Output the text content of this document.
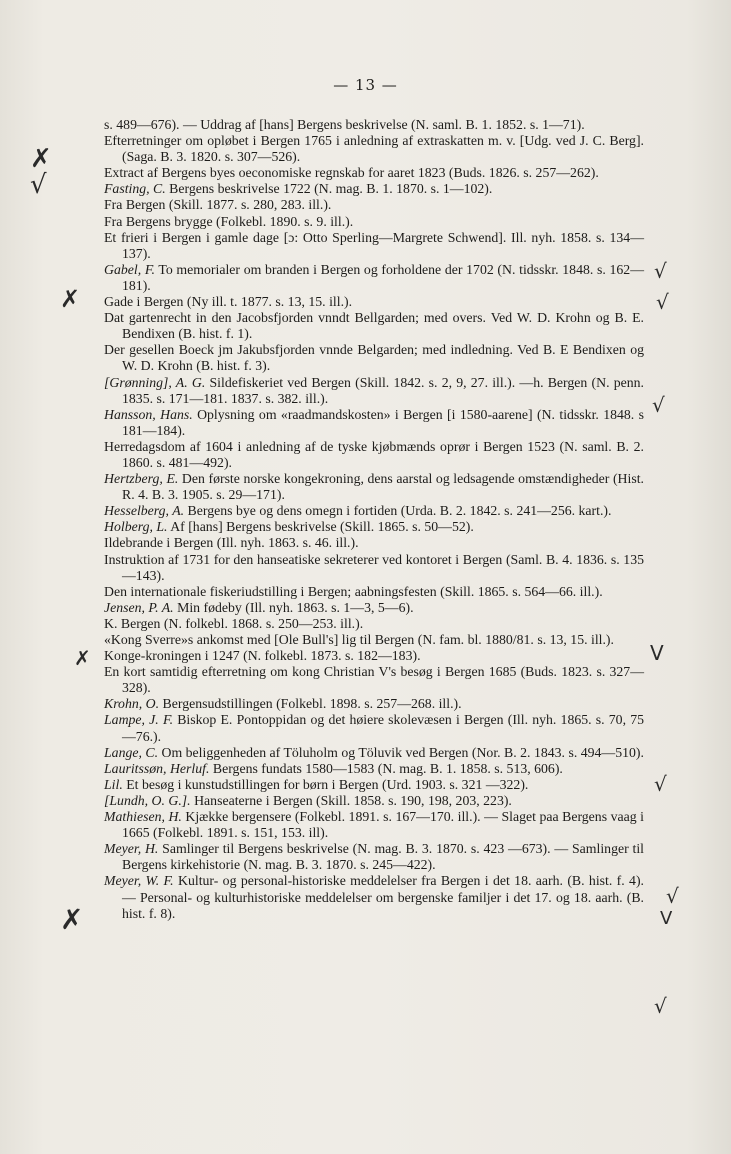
— 13 —

s. 489—676). — Uddrag af [hans] Bergens beskrivelse (N. saml. B. 1. 1852. s. 1—71).

Efterretninger om opløbet i Bergen 1765 i anledning af extraskatten m. v. [Udg. ved J. C. Berg]. (Saga. B. 3. 1820. s. 307—526).

Extract af Bergens byes oeconomiske regnskab for aaret 1823 (Buds. 1826. s. 257—262).

Fasting, C. Bergens beskrivelse 1722 (N. mag. B. 1. 1870. s. 1—102).

Fra Bergen (Skill. 1877. s. 280, 283. ill.).

Fra Bergens brygge (Folkebl. 1890. s. 9. ill.).

Et frieri i Bergen i gamle dage [ɔ: Otto Sperling—Margrete Schwend]. Ill. nyh. 1858. s. 134—137).

Gabel, F. To memorialer om branden i Bergen og forholdene der 1702 (N. tidsskr. 1848. s. 162—181).

Gade i Bergen (Ny ill. t. 1877. s. 13, 15. ill.).

Dat gartenrecht in den Jacobsfjorden vnndt Bellgarden; med overs. Ved W. D. Krohn og B. E. Bendixen (B. hist. f. 1).

Der gesellen Boeck jm Jakubsfjorden vnnde Belgarden; med indledning. Ved B. E Bendixen og W. D. Krohn (B. hist. f. 3).

[Grønning], A. G. Sildefiskeriet ved Bergen (Skill. 1842. s. 2, 9, 27. ill.). —h. Bergen (N. penn. 1835. s. 171—181. 1837. s. 382. ill.).

Hansson, Hans. Oplysning om «raadmandskosten» i Bergen [i 1580-aarene] (N. tidsskr. 1848. s 181—184).

Herredagsdom af 1604 i anledning af de tyske kjøbmænds oprør i Bergen 1523 (N. saml. B. 2. 1860. s. 481—492).

Hertzberg, E. Den første norske kongekroning, dens aarstal og ledsagende omstændigheder (Hist. R. 4. B. 3. 1905. s. 29—171).

Hesselberg, A. Bergens bye og dens omegn i fortiden (Urda. B. 2. 1842. s. 241—256. kart.).

Holberg, L. Af [hans] Bergens beskrivelse (Skill. 1865. s. 50—52).

Ildebrande i Bergen (Ill. nyh. 1863. s. 46. ill.).

Instruktion af 1731 for den hanseatiske sekreterer ved kontoret i Bergen (Saml. B. 4. 1836. s. 135—143).

Den internationale fiskeriudstilling i Bergen; aabningsfesten (Skill. 1865. s. 564—66. ill.).

Jensen, P. A. Min fødeby (Ill. nyh. 1863. s. 1—3, 5—6).

K. Bergen (N. folkebl. 1868. s. 250—253. ill.).

«Kong Sverre»s ankomst med [Ole Bull's] lig til Bergen (N. fam. bl. 1880/81. s. 13, 15. ill.).

Konge-kroningen i 1247 (N. folkebl. 1873. s. 182—183).

En kort samtidig efterretning om kong Christian V's besøg i Bergen 1685 (Buds. 1823. s. 327—328).

Krohn, O. Bergensudstillingen (Folkebl. 1898. s. 257—268. ill.).

Lampe, J. F. Biskop E. Pontoppidan og det høiere skolevæsen i Bergen (Ill. nyh. 1865. s. 70, 75—76.).

Lange, C. Om beliggenheden af Töluholm og Töluvik ved Bergen (Nor. B. 2. 1843. s. 494—510).

Lauritssøn, Herluf. Bergens fundats 1580—1583 (N. mag. B. 1. 1858. s. 513, 606).

Lil. Et besøg i kunstudstillingen for børn i Bergen (Urd. 1903. s. 321 —322).

[Lundh, O. G.]. Hanseaterne i Bergen (Skill. 1858. s. 190, 198, 203, 223).

Mathiesen, H. Kjække bergensere (Folkebl. 1891. s. 167—170. ill.). — Slaget paa Bergens vaag i 1665 (Folkebl. 1891. s. 151, 153. ill).

Meyer, H. Samlinger til Bergens beskrivelse (N. mag. B. 3. 1870. s. 423 —673). — Samlinger til Bergens kirkehistorie (N. mag. B. 3. 1870. s. 245—422).

Meyer, W. F. Kultur- og personal-historiske meddelelser fra Bergen i det 18. aarh. (B. hist. f. 4). — Personal- og kulturhistoriske meddelelser om bergenske familjer i det 17. og 18. aarh. (B. hist. f. 8).

✗ √
✗
✗
✗
√
√
√
V
√
√
V
√
